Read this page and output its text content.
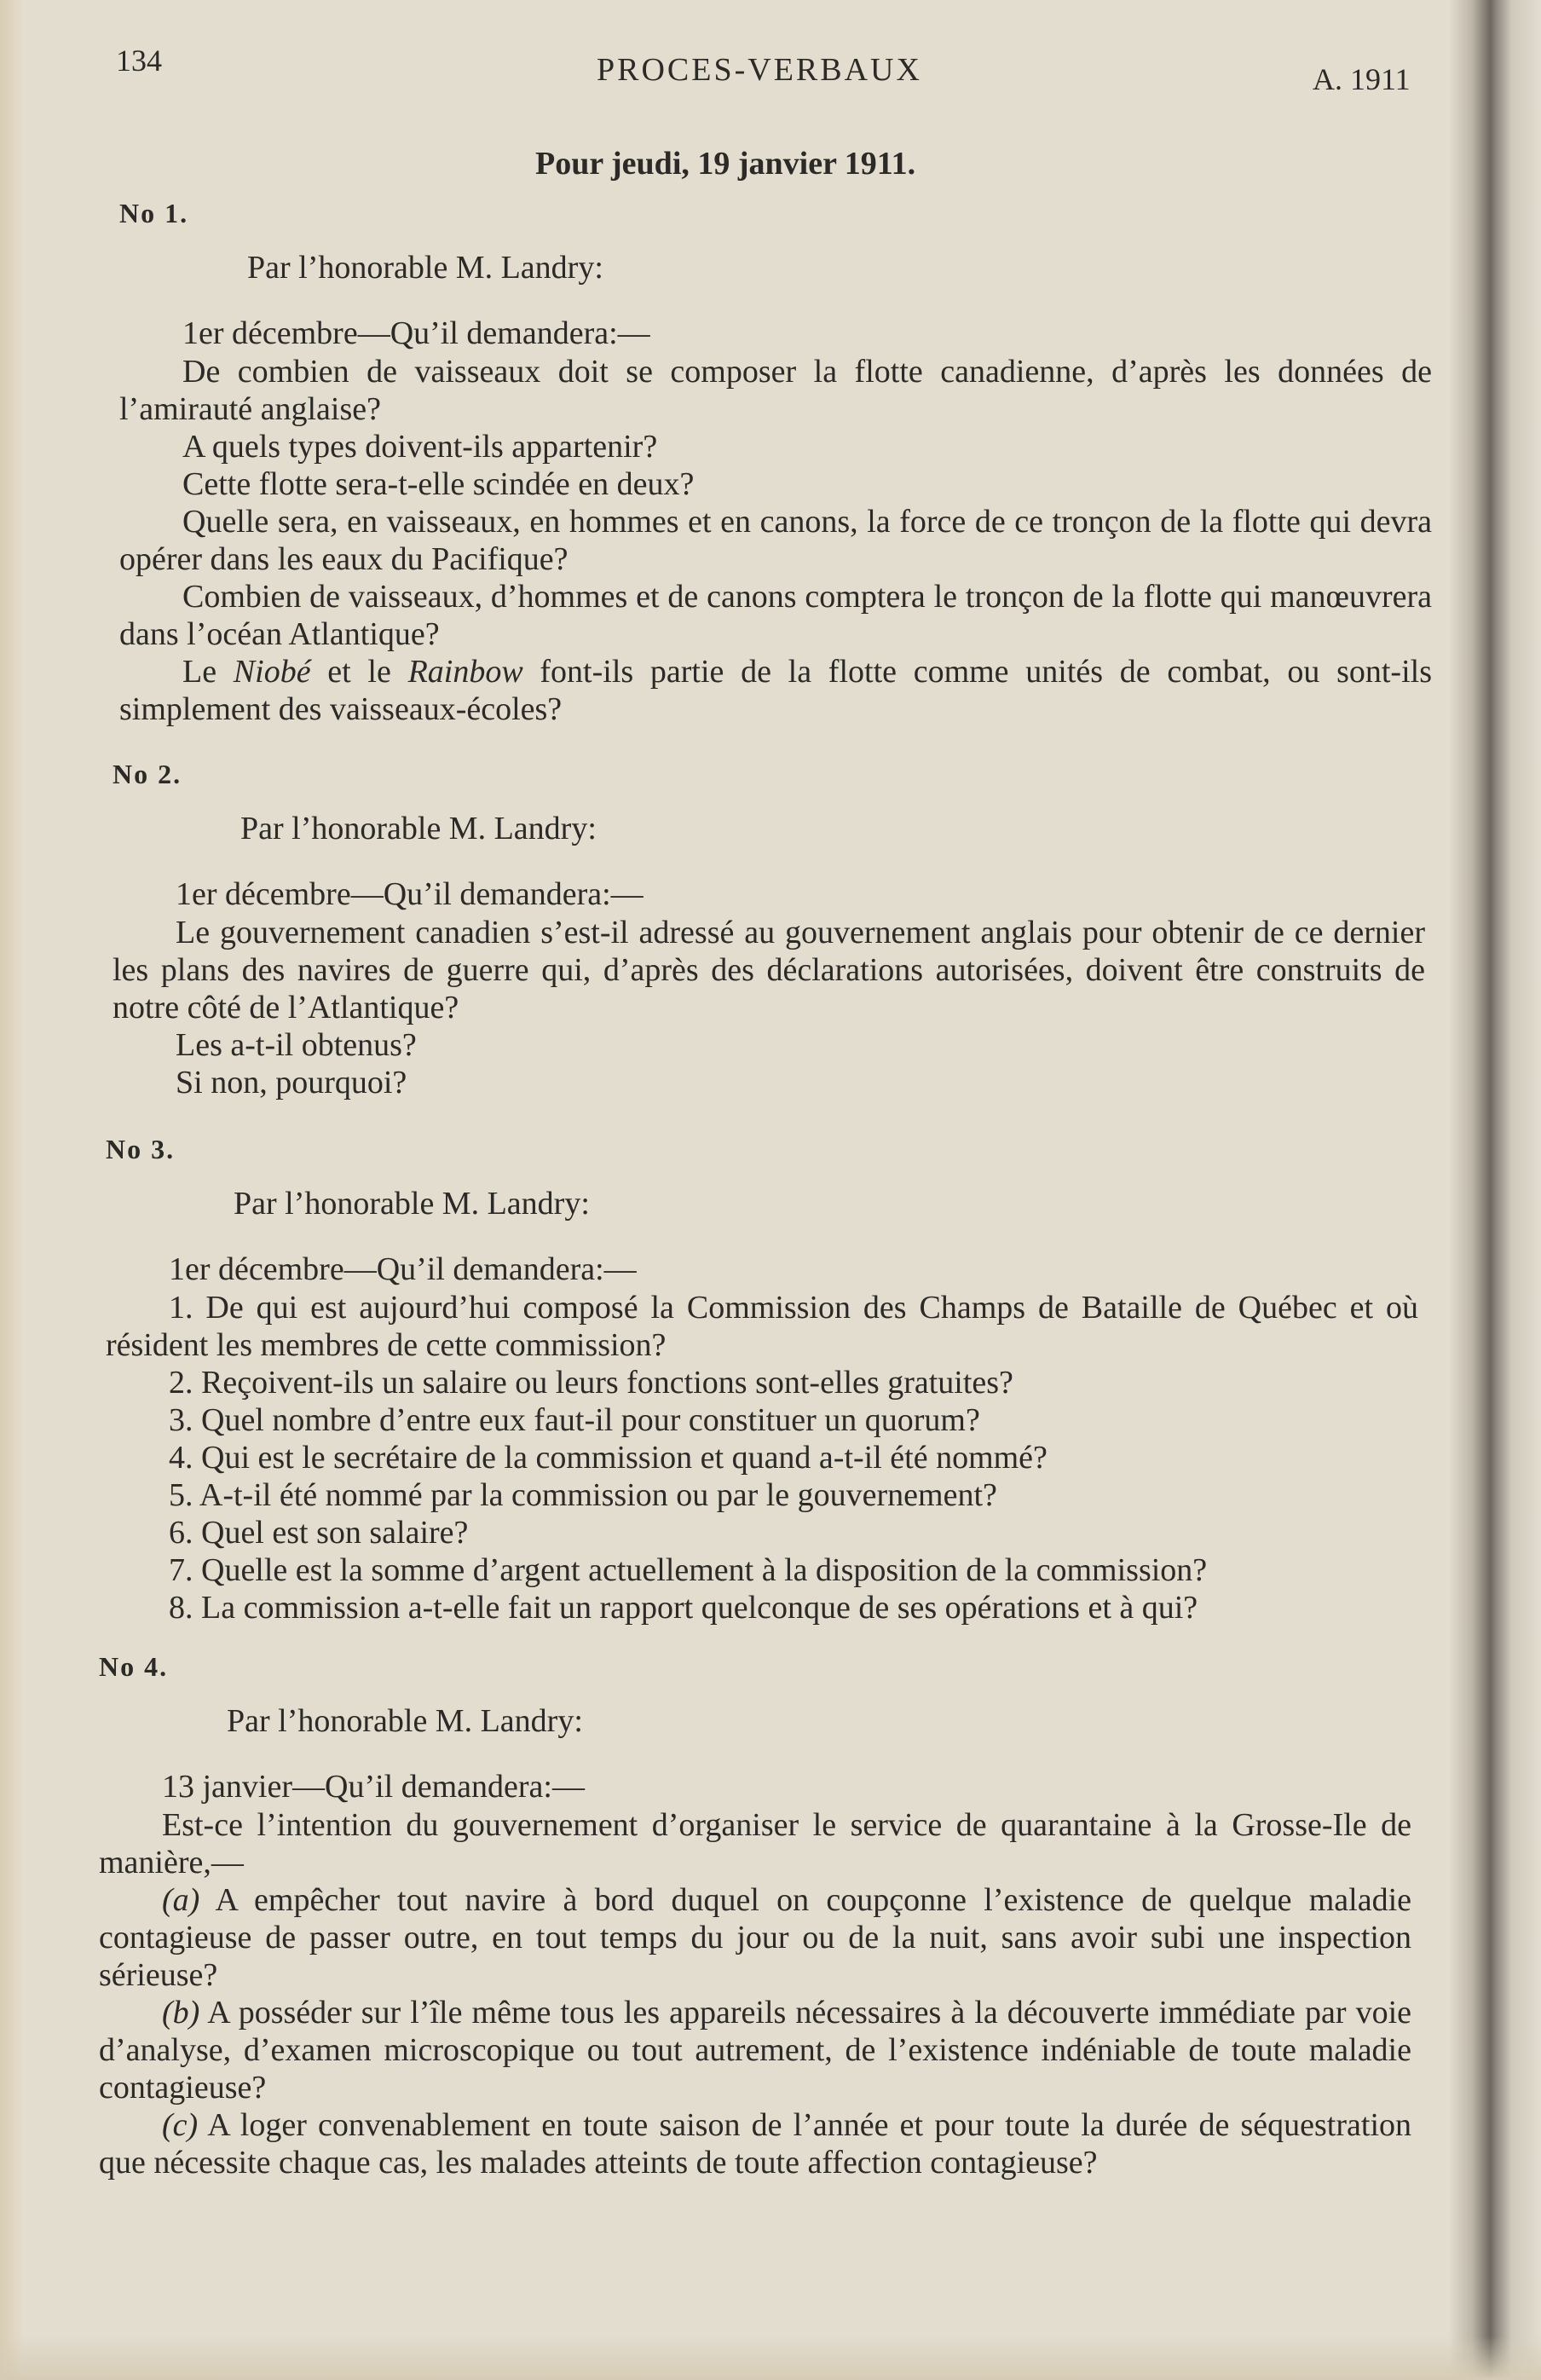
134	PROCES-VERBAUX	A. 1911
Pour jeudi, 19 janvier 1911.
No 1.
Par l’honorable M. Landry:
1er décembre—Qu’il demandera:—

De combien de vaisseaux doit se composer la flotte canadienne, d’après les données de l’amirauté anglaise?

A quels types doivent-ils appartenir?

Cette flotte sera-t-elle scindée en deux?

Quelle sera, en vaisseaux, en hommes et en canons, la force de ce tronçon de la flotte qui devra opérer dans les eaux du Pacifique?

Combien de vaisseaux, d’hommes et de canons comptera le tronçon de la flotte qui manœuvrera dans l’océan Atlantique?

Le Niobé et le Rainbow font-ils partie de la flotte comme unités de combat, ou sont-ils simplement des vaisseaux-écoles?

No 2.
Par l’honorable M. Landry:
1er décembre—Qu’il demandera:—

Le gouvernement canadien s’est-il adressé au gouvernement anglais pour obtenir de ce dernier les plans des navires de guerre qui, d’après des déclarations autorisées, doivent être construits de notre côté de l’Atlantique?

Les a-t-il obtenus?

Si non, pourquoi?

No 3.
Par l’honorable M. Landry:
1er décembre—Qu’il demandera:—

1. De qui est aujourd’hui composé la Commission des Champs de Bataille de Québec et où résident les membres de cette commission?

2. Reçoivent-ils un salaire ou leurs fonctions sont-elles gratuites?

3. Quel nombre d’entre eux faut-il pour constituer un quorum?

4. Qui est le secrétaire de la commission et quand a-t-il été nommé?

5. A-t-il été nommé par la commission ou par le gouvernement?

6. Quel est son salaire?

7. Quelle est la somme d’argent actuellement à la disposition de la commission?

8. La commission a-t-elle fait un rapport quelconque de ses opérations et à qui?

No 4.
Par l’honorable M. Landry:
13 janvier—Qu’il demandera:—

Est-ce l’intention du gouvernement d’organiser le service de quarantaine à la Grosse-Ile de manière,—

(a) A empêcher tout navire à bord duquel on coupçonne l’existence de quelque maladie contagieuse de passer outre, en tout temps du jour ou de la nuit, sans avoir subi une inspection sérieuse?

(b) A posséder sur l’île même tous les appareils nécessaires à la découverte immédiate par voie d’analyse, d’examen microscopique ou tout autrement, de l’existence indéniable de toute maladie contagieuse?

(c) A loger convenablement en toute saison de l’année et pour toute la durée de séquestration que nécessite chaque cas, les malades atteints de toute affection contagieuse?
